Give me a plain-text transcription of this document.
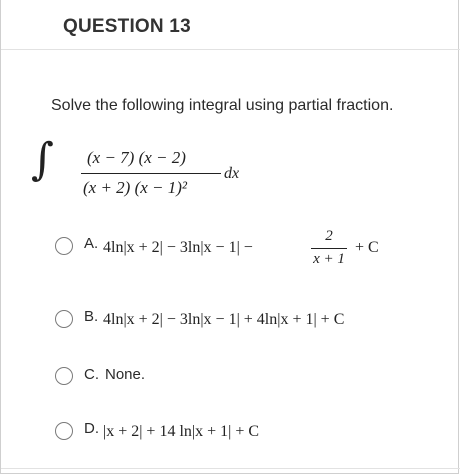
QUESTION 13
Solve the following integral using partial fraction.
∫ (x − 7) (x − 2)
(x + 2) (x − 1)²
dx
A. 4ln|x + 2| − 3ln|x − 1| −
2
x + 1
+ C
B. 4ln|x + 2| − 3ln|x − 1| + 4ln|x + 1| + C
C. None.
D. |x + 2| + 14 ln|x + 1| + C
